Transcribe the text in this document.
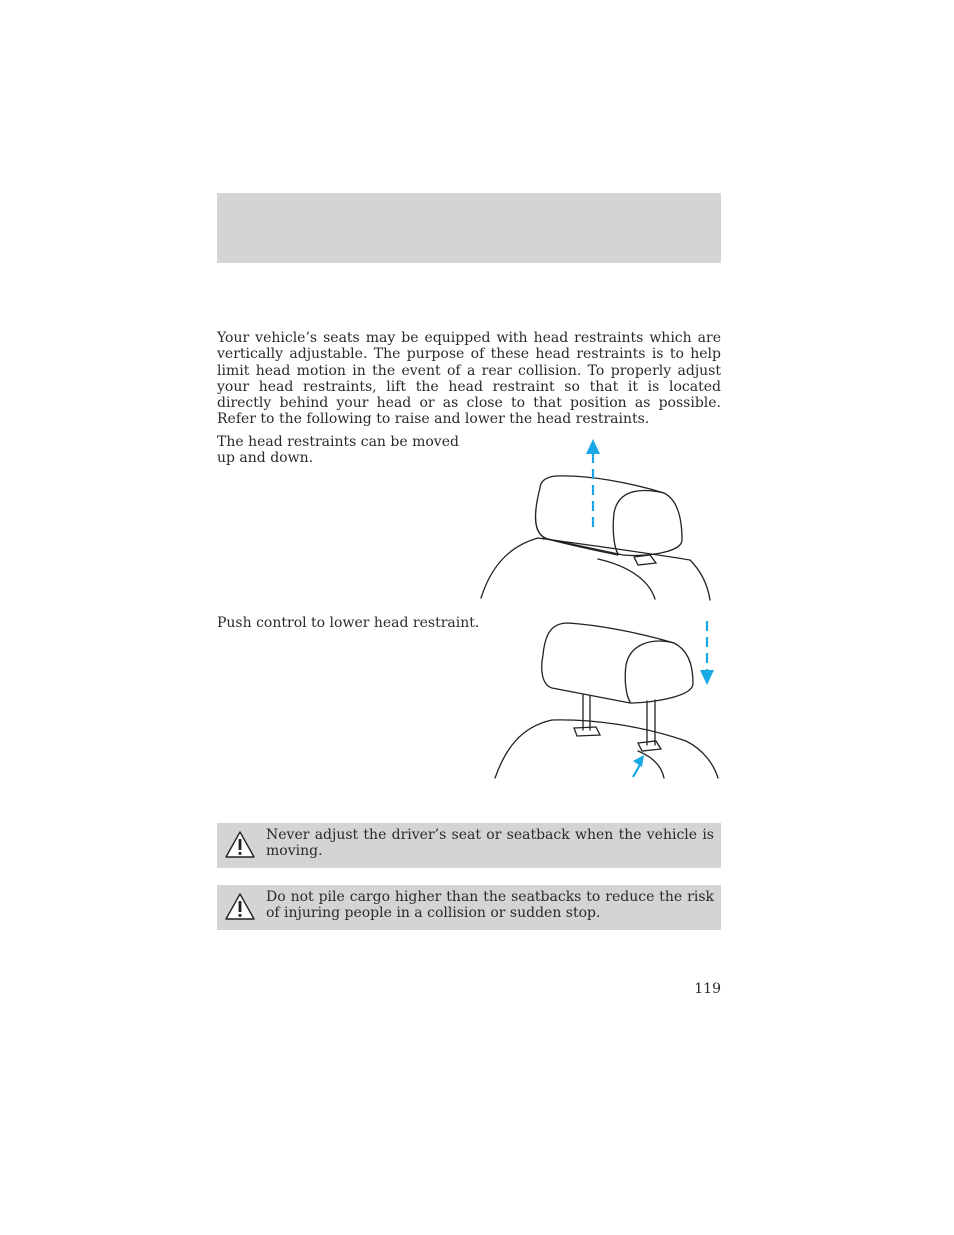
Your vehicle’s seats may be equipped with head restraints which are vertically adjustable. The purpose of these head restraints is to help limit head motion in the event of a rear collision. To properly adjust your head restraints, lift the head restraint so that it is located directly behind your head or as close to that position as possible. Refer to the following to raise and lower the head restraints.

The head restraints can be moved up and down.

Push control to lower head restraint.

Never adjust the driver’s seat or seatback when the vehicle is moving.

Do not pile cargo higher than the seatbacks to reduce the risk of injuring people in a collision or sudden stop.

119
